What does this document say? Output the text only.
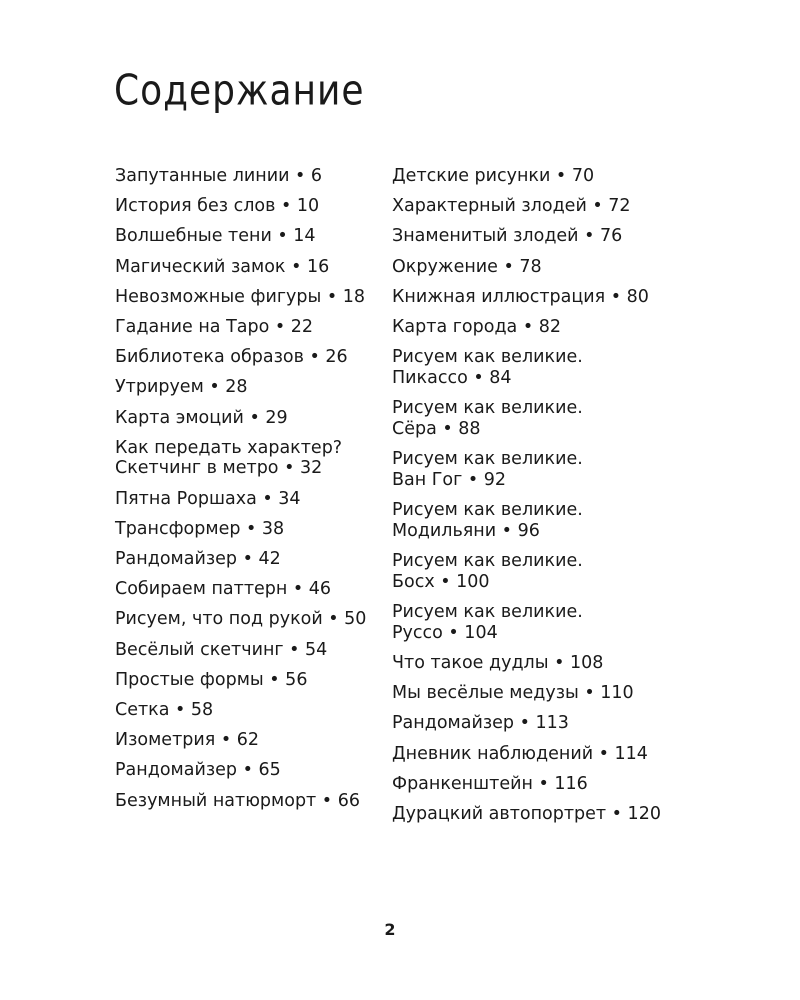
Содержание
Запутанные линии • 6
История без слов • 10
Волшебные тени • 14
Магический замок • 16
Невозможные фигуры • 18
Гадание на Таро • 22
Библиотека образов • 26
Утрируем • 28
Карта эмоций • 29
Как передать характер?
Скетчинг в метро • 32
Пятна Роршаха • 34
Трансформер • 38
Рандомайзер • 42
Собираем паттерн • 46
Рисуем, что под рукой • 50
Весёлый скетчинг • 54
Простые формы • 56
Сетка • 58
Изометрия • 62
Рандомайзер • 65
Безумный натюрморт • 66
Детские рисунки • 70
Характерный злодей • 72
Знаменитый злодей • 76
Окружение • 78
Книжная иллюстрация • 80
Карта города • 82
Рисуем как великие.
Пикассо • 84
Рисуем как великие.
Сёра • 88
Рисуем как великие.
Ван Гог • 92
Рисуем как великие.
Модильяни • 96
Рисуем как великие.
Босх • 100
Рисуем как великие.
Руссо • 104
Что такое дудлы • 108
Мы весёлые медузы • 110
Рандомайзер • 113
Дневник наблюдений • 114
Франкенштейн • 116
Дурацкий автопортрет • 120
2
